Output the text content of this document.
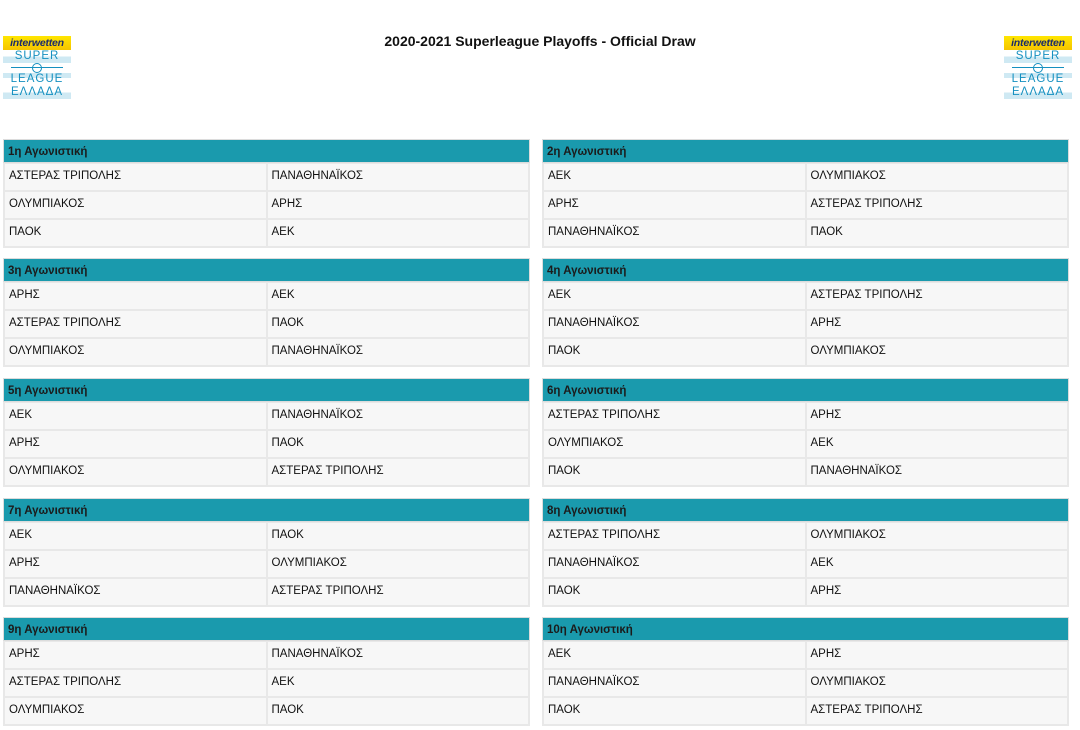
2020-2021 Superleague Playoffs - Official Draw
interwetten
SUPER
LEAGUE
ΕΛΛΑΔΑ
interwetten
SUPER
LEAGUE
ΕΛΛΑΔΑ
1η Αγωνιστική
ΑΣΤΕΡΑΣ ΤΡΙΠΟΛΗΣ	ΠΑΝΑΘΗΝΑΪΚΟΣ
ΟΛΥΜΠΙΑΚΟΣ	ΑΡΗΣ
ΠΑΟΚ	ΑΕΚ
2η Αγωνιστική
ΑΕΚ	ΟΛΥΜΠΙΑΚΟΣ
ΑΡΗΣ	ΑΣΤΕΡΑΣ ΤΡΙΠΟΛΗΣ
ΠΑΝΑΘΗΝΑΪΚΟΣ	ΠΑΟΚ
3η Αγωνιστική
ΑΡΗΣ	ΑΕΚ
ΑΣΤΕΡΑΣ ΤΡΙΠΟΛΗΣ	ΠΑΟΚ
ΟΛΥΜΠΙΑΚΟΣ	ΠΑΝΑΘΗΝΑΪΚΟΣ
4η Αγωνιστική
ΑΕΚ	ΑΣΤΕΡΑΣ ΤΡΙΠΟΛΗΣ
ΠΑΝΑΘΗΝΑΪΚΟΣ	ΑΡΗΣ
ΠΑΟΚ	ΟΛΥΜΠΙΑΚΟΣ
5η Αγωνιστική
ΑΕΚ	ΠΑΝΑΘΗΝΑΪΚΟΣ
ΑΡΗΣ	ΠΑΟΚ
ΟΛΥΜΠΙΑΚΟΣ	ΑΣΤΕΡΑΣ ΤΡΙΠΟΛΗΣ
6η Αγωνιστική
ΑΣΤΕΡΑΣ ΤΡΙΠΟΛΗΣ	ΑΡΗΣ
ΟΛΥΜΠΙΑΚΟΣ	ΑΕΚ
ΠΑΟΚ	ΠΑΝΑΘΗΝΑΪΚΟΣ
7η Αγωνιστική
ΑΕΚ	ΠΑΟΚ
ΑΡΗΣ	ΟΛΥΜΠΙΑΚΟΣ
ΠΑΝΑΘΗΝΑΪΚΟΣ	ΑΣΤΕΡΑΣ ΤΡΙΠΟΛΗΣ
8η Αγωνιστική
ΑΣΤΕΡΑΣ ΤΡΙΠΟΛΗΣ	ΟΛΥΜΠΙΑΚΟΣ
ΠΑΝΑΘΗΝΑΪΚΟΣ	ΑΕΚ
ΠΑΟΚ	ΑΡΗΣ
9η Αγωνιστική
ΑΡΗΣ	ΠΑΝΑΘΗΝΑΪΚΟΣ
ΑΣΤΕΡΑΣ ΤΡΙΠΟΛΗΣ	ΑΕΚ
ΟΛΥΜΠΙΑΚΟΣ	ΠΑΟΚ
10η Αγωνιστική
ΑΕΚ	ΑΡΗΣ
ΠΑΝΑΘΗΝΑΪΚΟΣ	ΟΛΥΜΠΙΑΚΟΣ
ΠΑΟΚ	ΑΣΤΕΡΑΣ ΤΡΙΠΟΛΗΣ
